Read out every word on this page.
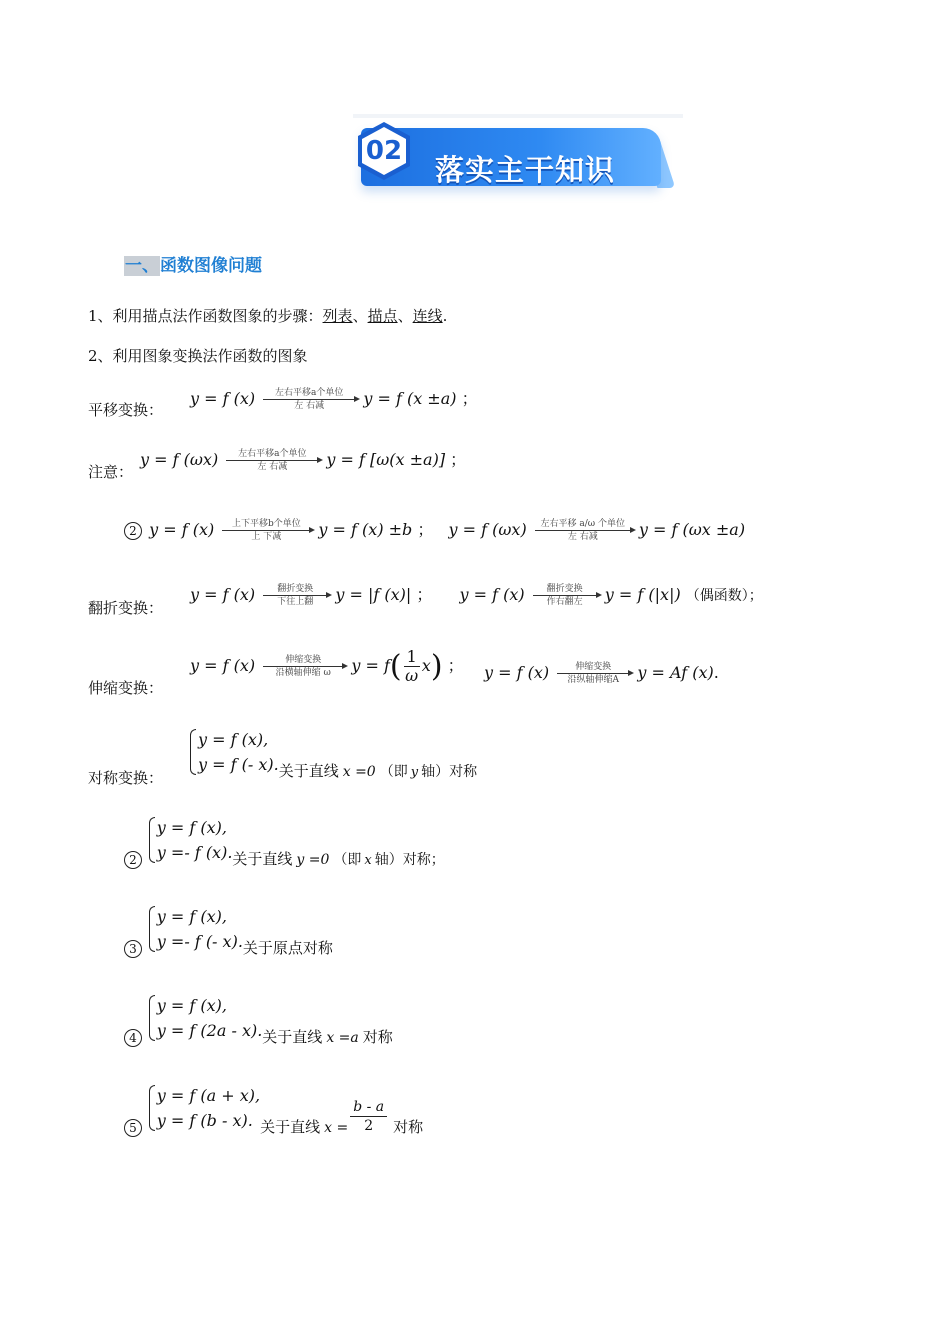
落实主干知识
02
一、函数图像问题
1、利用描点法作函数图象的步骤：列表、描点、连线.
2、利用图象变换法作函数的图象
平移变换：
y = f (x)	左右平移a个单位
左 右减	y = f (x ±a) ；
注意：
y = f (ωx)	左右平移a个单位
左 右减	y = f [ω(x ±a)] ；
2 y = f (x)	上下平移b个单位
上 下减	y = f (x) ±b ； y = f (ωx)	左右平移 a/ω 个单位
左 右减	y = f (ωx ±a)
翻折变换：
y = f (x)	翻折变换
下往上翻	y = |f (x)| ； y = f (x)	翻折变换
作右翻左	y = f (|x|) （偶函数）；
伸缩变换：
y = f (x)	伸缩变换
沿横轴伸缩 ω	$y = f( \frac{1}{\omega} x)$ ； y = f (x)	伸缩变换
沿纵轴伸缩A	y = Af (x).
对称变换：
y = f (x),
y = f (- x). 关于直线 x =0 （即 y 轴）对称
2
y = f (x),
y =- f (x). 关于直线 y =0 （即 x 轴）对称；
3
y = f (x),
y =- f (- x). 关于原点对称
4
y = f (x),
y = f (2a - x). 关于直线 x =a 对称
5
y = f (a + x),
y = f (b - x). 关于直线 $x = \frac{b - a}{2}$ 对称
